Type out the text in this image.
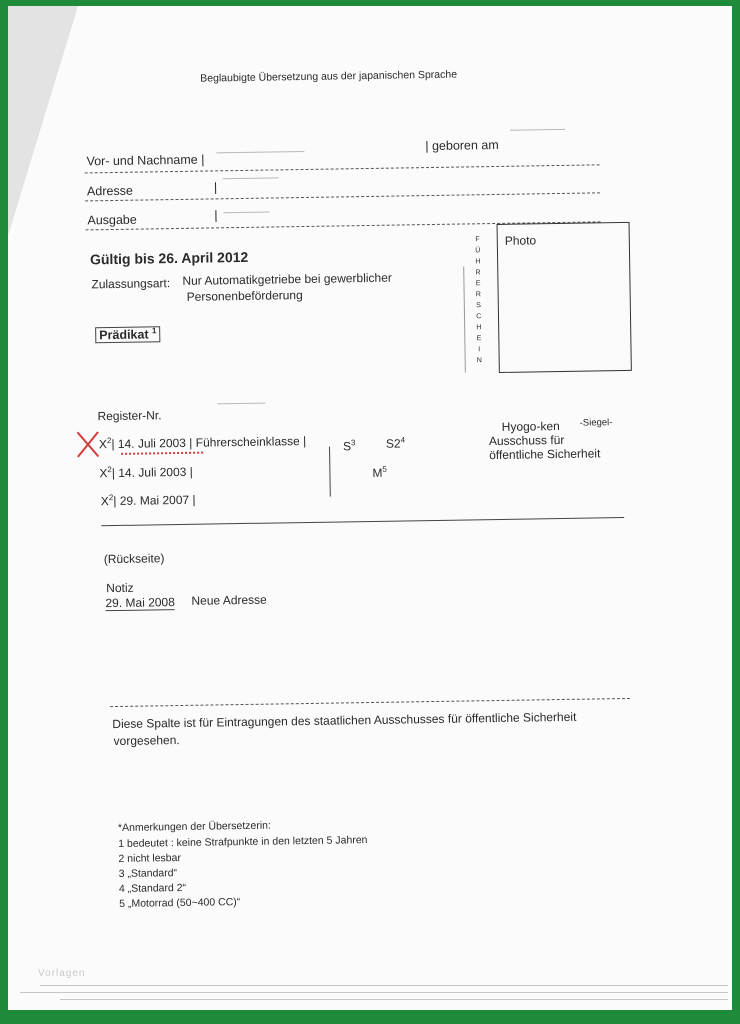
Beglaubigte Übersetzung aus der japanischen Sprache
Vor- und Nachname |
| geboren am
Adresse	|
Ausgabe	|
Gültig bis 26. April 2012
Zulassungsart: Nur Automatikgetriebe bei gewerblicher
Personenbeförderung
F
Ü
H
R
E
R
S
C
H
E
I
N
Photo
Prädikat $^1$
Register-Nr.
$X^2|$ 14. Juli 2003 | Führerscheinklasse |
$X^2|$ 14. Juli 2003 |
$X^2|$ 29. Mai 2007 |
$S^3$	$S2^4$
$M^5$
Hyogo-ken -Siegel-
Ausschuss für
öffentliche Sicherheit
(Rückseite)
Notiz
29. Mai 2008 Neue Adresse
Diese Spalte ist für Eintragungen des staatlichen Ausschusses für öffentliche Sicherheit
vorgesehen.
*Anmerkungen der Übersetzerin:
1 bedeutet : keine Strafpunkte in den letzten 5 Jahren
2 nicht lesbar
3 „Standard“
4 „Standard 2“
5 „Motorrad (50~400 CC)“
Vorlagen
